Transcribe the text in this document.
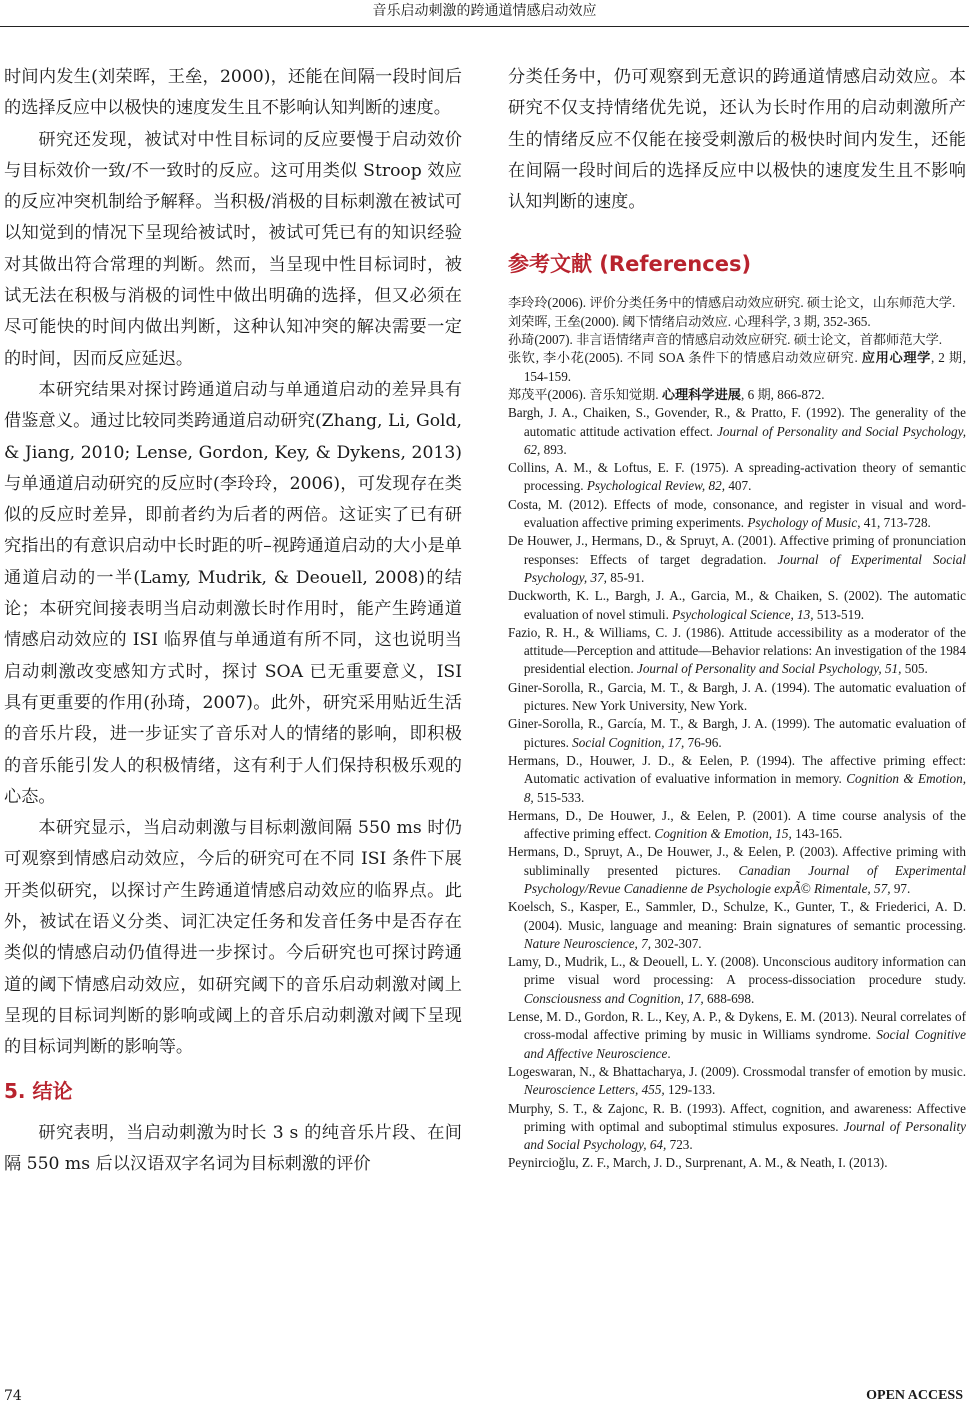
音乐启动刺激的跨通道情感启动效应

时间内发生(刘荣晖，王垒，2000)，还能在间隔一段时间后的选择反应中以极快的速度发生且不影响认知判断的速度。

研究还发现，被试对中性目标词的反应要慢于启动效价与目标效价一致/不一致时的反应。这可用类似 Stroop 效应的反应冲突机制给予解释。当积极/消极的目标刺激在被试可以知觉到的情况下呈现给被试时，被试可凭已有的知识经验对其做出符合常理的判断。然而，当呈现中性目标词时，被试无法在积极与消极的词性中做出明确的选择，但又必须在尽可能快的时间内做出判断，这种认知冲突的解决需要一定的时间，因而反应延迟。

本研究结果对探讨跨通道启动与单通道启动的差异具有借鉴意义。通过比较同类跨通道启动研究(Zhang, Li, Gold, & Jiang, 2010; Lense, Gordon, Key, & Dykens, 2013)与单通道启动研究的反应时(李玲玲，2006)，可发现存在类似的反应时差异，即前者约为后者的两倍。这证实了已有研究指出的有意识启动中长时距的听–视跨通道启动的大小是单通道启动的一半(Lamy, Mudrik, & Deouell, 2008)的结论；本研究间接表明当启动刺激长时作用时，能产生跨通道情感启动效应的 ISI 临界值与单通道有所不同，这也说明当启动刺激改变感知方式时，探讨 SOA 已无重要意义，ISI 具有更重要的作用(孙琦，2007)。此外，研究采用贴近生活的音乐片段，进一步证实了音乐对人的情绪的影响，即积极的音乐能引发人的积极情绪，这有利于人们保持积极乐观的心态。

本研究显示，当启动刺激与目标刺激间隔 550 ms 时仍可观察到情感启动效应，今后的研究可在不同 ISI 条件下展开类似研究，以探讨产生跨通道情感启动效应的临界点。此外，被试在语义分类、词汇决定任务和发音任务中是否存在类似的情感启动仍值得进一步探讨。今后研究也可探讨跨通道的阈下情感启动效应，如研究阈下的音乐启动刺激对阈上呈现的目标词判断的影响或阈上的音乐启动刺激对阈下呈现的目标词判断的影响等。

5. 结论

研究表明，当启动刺激为时长 3 s 的纯音乐片段、在间隔 550 ms 后以汉语双字名词为目标刺激的评价

分类任务中，仍可观察到无意识的跨通道情感启动效应。本研究不仅支持情绪优先说，还认为长时作用的启动刺激所产生的情绪反应不仅能在接受刺激后的极快时间内发生，还能在间隔一段时间后的选择反应中以极快的速度发生且不影响认知判断的速度。

参考文献 (References)
李玲玲(2006). 评价分类任务中的情感启动效应研究. 硕士论文，山东师范大学.
刘荣晖, 王垒(2000). 阈下情绪启动效应. 心理科学, 3 期, 352-365.
孙琦(2007). 非言语情绪声音的情感启动效应研究. 硕士论文，首都师范大学.
张钦, 李小花(2005). 不同 SOA 条件下的情感启动效应研究. 应用心理学, 2 期, 154-159.
郑茂平(2006). 音乐知觉期. 心理科学进展, 6 期, 866-872.
Bargh, J. A., Chaiken, S., Govender, R., & Pratto, F. (1992). The generality of the automatic attitude activation effect. Journal of Personality and Social Psychology, 62, 893.
Collins, A. M., & Loftus, E. F. (1975). A spreading-activation theory of semantic processing. Psychological Review, 82, 407.
Costa, M. (2012). Effects of mode, consonance, and register in visual and word-evaluation affective priming experiments. Psychology of Music, 41, 713-728.
De Houwer, J., Hermans, D., & Spruyt, A. (2001). Affective priming of pronunciation responses: Effects of target degradation. Journal of Experimental Social Psychology, 37, 85-91.
Duckworth, K. L., Bargh, J. A., Garcia, M., & Chaiken, S. (2002). The automatic evaluation of novel stimuli. Psychological Science, 13, 513-519.
Fazio, R. H., & Williams, C. J. (1986). Attitude accessibility as a moderator of the attitude—Perception and attitude—Behavior relations: An investigation of the 1984 presidential election. Journal of Personality and Social Psychology, 51, 505.
Giner-Sorolla, R., Garcia, M. T., & Bargh, J. A. (1994). The automatic evaluation of pictures. New York University, New York.
Giner-Sorolla, R., García, M. T., & Bargh, J. A. (1999). The automatic evaluation of pictures. Social Cognition, 17, 76-96.
Hermans, D., Houwer, J. D., & Eelen, P. (1994). The affective priming effect: Automatic activation of evaluative information in memory. Cognition & Emotion, 8, 515-533.
Hermans, D., De Houwer, J., & Eelen, P. (2001). A time course analysis of the affective priming effect. Cognition & Emotion, 15, 143-165.
Hermans, D., Spruyt, A., De Houwer, J., & Eelen, P. (2003). Affective priming with subliminally presented pictures. Canadian Journal of Experimental Psychology/Revue Canadienne de Psychologie expÃ© Rimentale, 57, 97.
Koelsch, S., Kasper, E., Sammler, D., Schulze, K., Gunter, T., & Friederici, A. D. (2004). Music, language and meaning: Brain signatures of semantic processing. Nature Neuroscience, 7, 302-307.
Lamy, D., Mudrik, L., & Deouell, L. Y. (2008). Unconscious auditory information can prime visual word processing: A process-dissociation procedure study. Consciousness and Cognition, 17, 688-698.
Lense, M. D., Gordon, R. L., Key, A. P., & Dykens, E. M. (2013). Neural correlates of cross-modal affective priming by music in Williams syndrome. Social Cognitive and Affective Neuroscience.
Logeswaran, N., & Bhattacharya, J. (2009). Crossmodal transfer of emotion by music. Neuroscience Letters, 455, 129-133.
Murphy, S. T., & Zajonc, R. B. (1993). Affect, cognition, and awareness: Affective priming with optimal and suboptimal stimulus exposures. Journal of Personality and Social Psychology, 64, 723.
Peynircioğlu, Z. F., March, J. D., Surprenant, A. M., & Neath, I. (2013).
74	OPEN ACCESS
